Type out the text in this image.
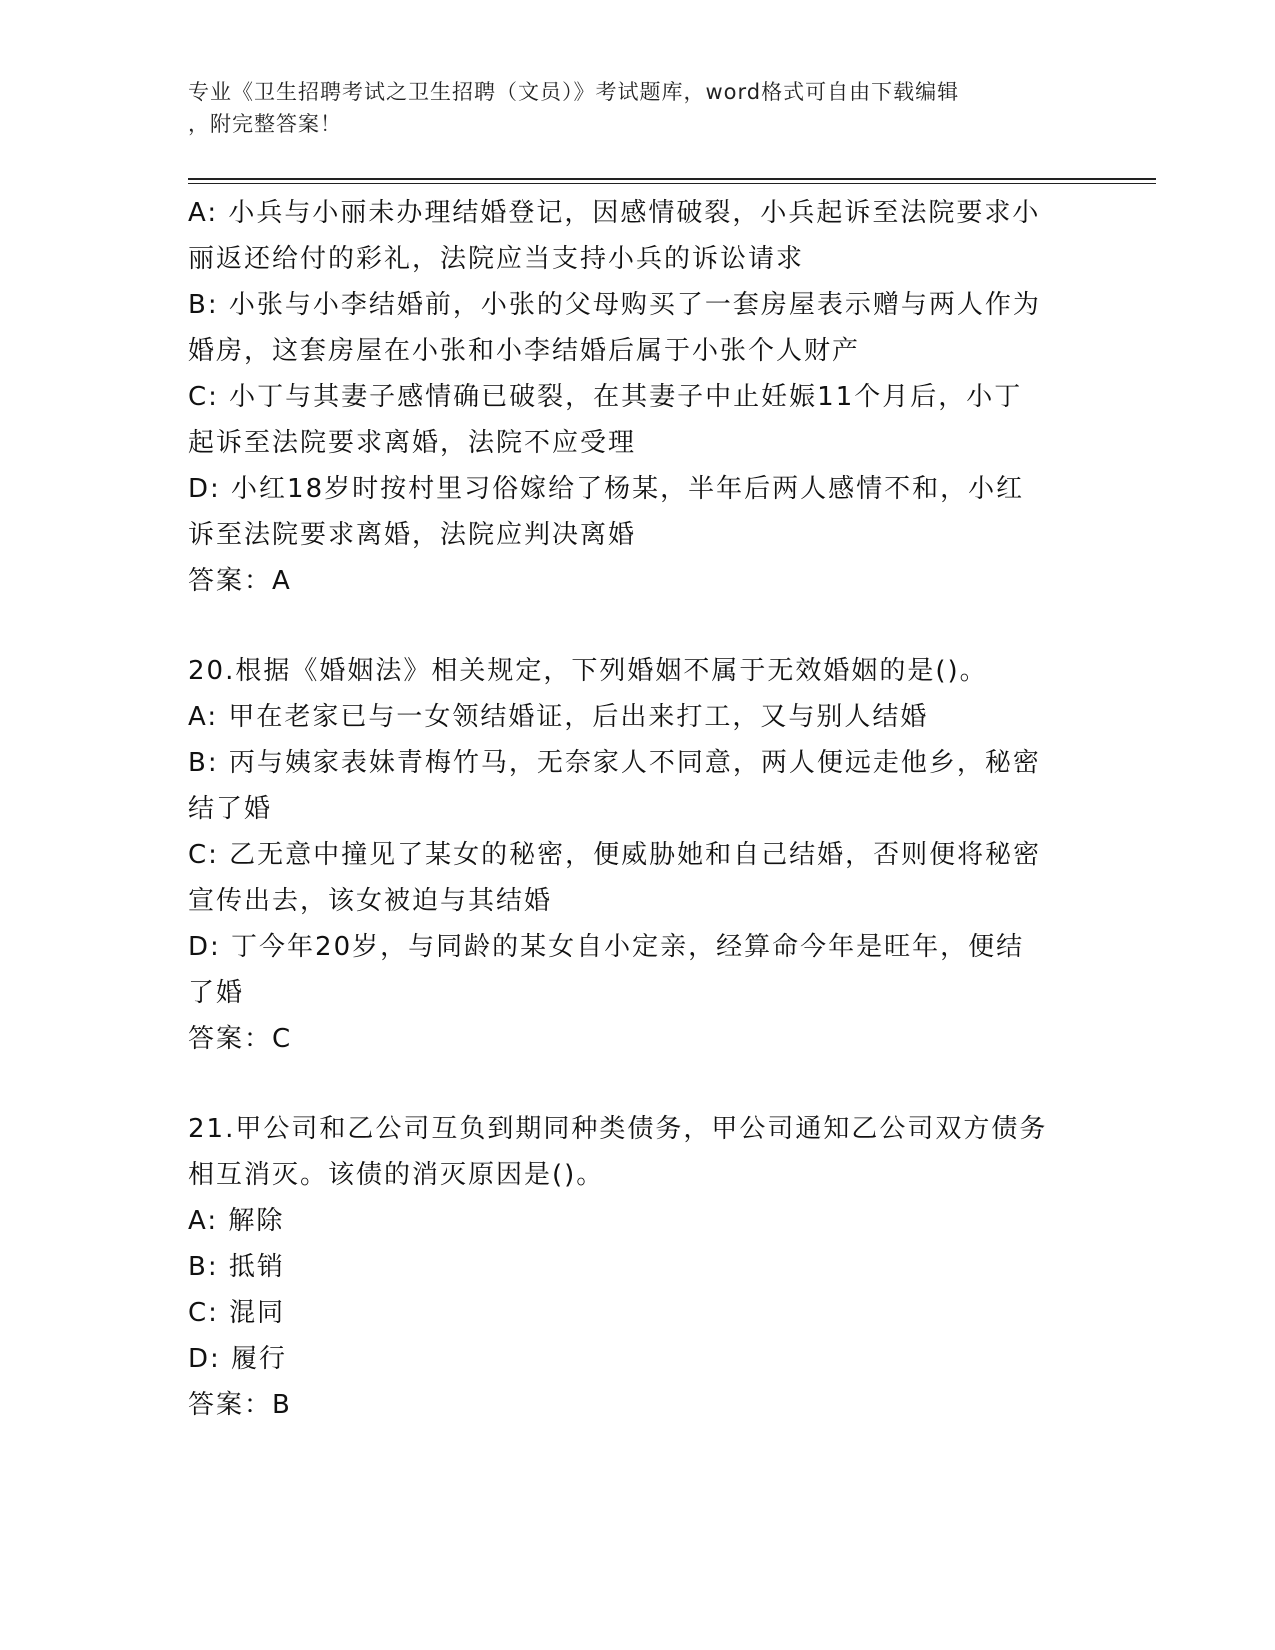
专业《卫生招聘考试之卫生招聘（文员）》考试题库，word格式可自由下载编辑
，附完整答案！
A: 小兵与小丽未办理结婚登记，因感情破裂，小兵起诉至法院要求小
丽返还给付的彩礼，法院应当支持小兵的诉讼请求
B: 小张与小李结婚前，小张的父母购买了一套房屋表示赠与两人作为
婚房，这套房屋在小张和小李结婚后属于小张个人财产
C: 小丁与其妻子感情确已破裂，在其妻子中止妊娠11个月后，小丁
起诉至法院要求离婚，法院不应受理
D: 小红18岁时按村里习俗嫁给了杨某，半年后两人感情不和，小红
诉至法院要求离婚，法院应判决离婚
答案：A
20.根据《婚姻法》相关规定，下列婚姻不属于无效婚姻的是()。
A: 甲在老家已与一女领结婚证，后出来打工，又与别人结婚
B: 丙与姨家表妹青梅竹马，无奈家人不同意，两人便远走他乡，秘密
结了婚
C: 乙无意中撞见了某女的秘密，便威胁她和自己结婚，否则便将秘密
宣传出去，该女被迫与其结婚
D: 丁今年20岁，与同龄的某女自小定亲，经算命今年是旺年，便结
了婚
答案：C
21.甲公司和乙公司互负到期同种类债务，甲公司通知乙公司双方债务
相互消灭。该债的消灭原因是()。
A: 解除
B: 抵销
C: 混同
D: 履行
答案：B
